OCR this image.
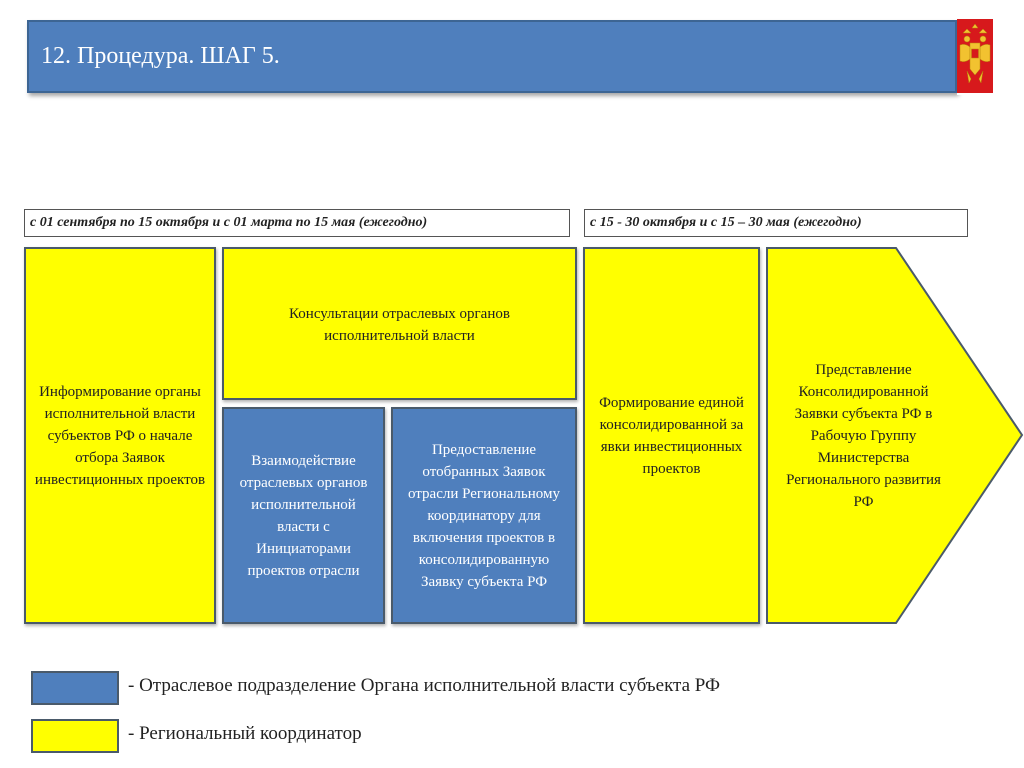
12. Процедура. ШАГ 5.
с 01 сентября по 15 октября и с 01 марта по 15 мая (ежегодно)	с 15 - 30 октября и с 15 – 30 мая (ежегодно)
Информирование органы исполнительной власти субъектов РФ о начале отбора Заявок инвестиционных проектов
Консультации отраслевых органов исполнительной власти
Взаимодействие отраслевых органов исполнительной власти с Инициаторами проектов отрасли
Предоставление отобранных Заявок отрасли Региональному координатору для включения проектов в консолидированную Заявку субъекта РФ
Формирование единой консолидированной заявки инвестиционных проектов
Представление Консолидированной Заявки субъекта РФ в Рабочую Группу Министерства Регионального развития РФ
- Отраслевое подразделение Органа исполнительной власти субъекта РФ
- Региональный координатор
